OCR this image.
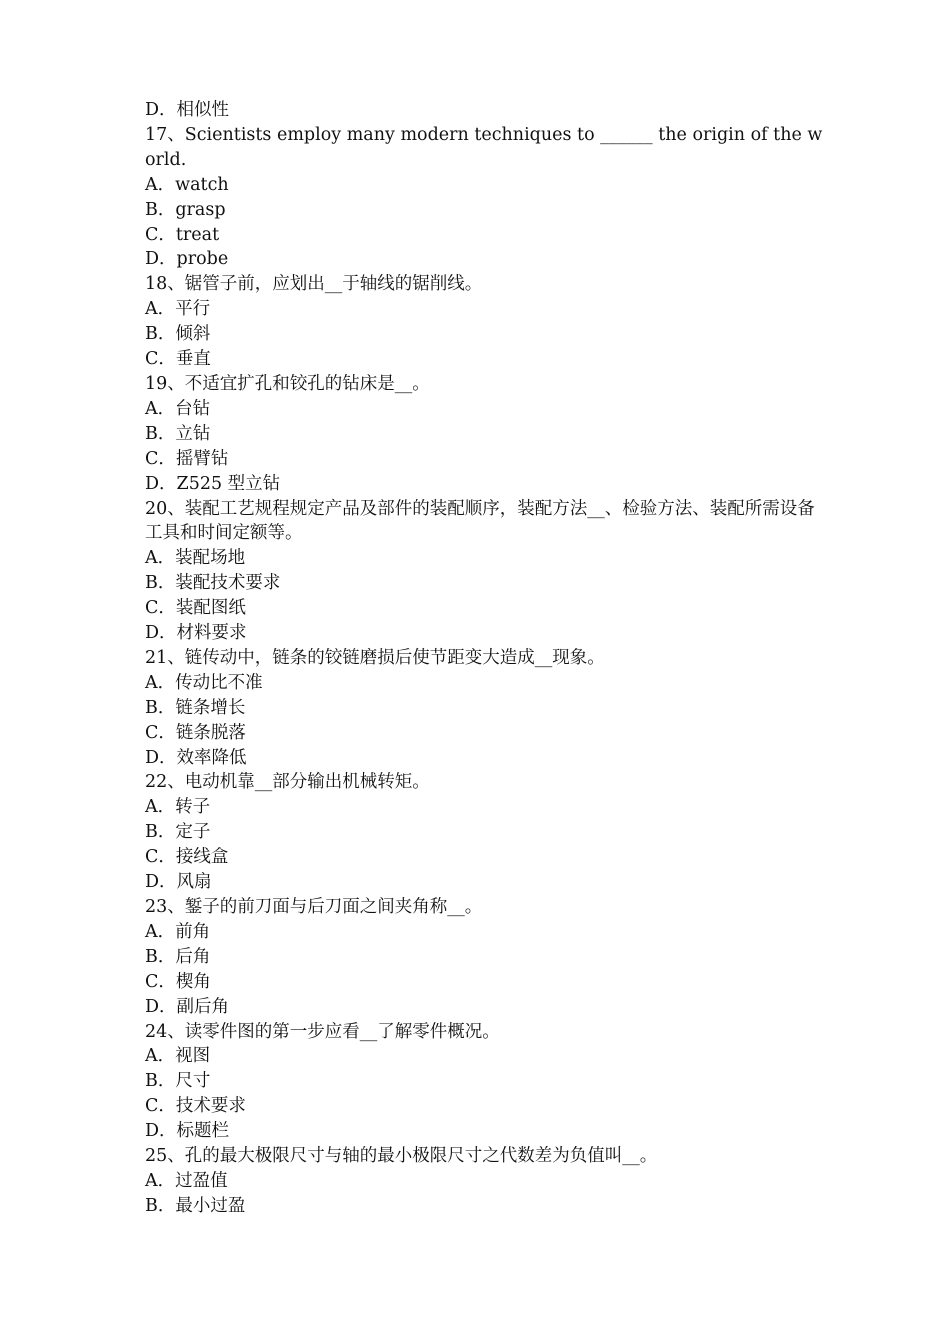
D．相似性

17、Scientists employ many modern techniques to ______ the origin of the world.

A．watch

B．grasp

C．treat

D．probe

18、锯管子前，应划出__于轴线的锯削线。

A．平行

B．倾斜

C．垂直

19、不适宜扩孔和铰孔的钻床是__。

A．台钻

B．立钻

C．摇臂钻

D．Z525 型立钻

20、装配工艺规程规定产品及部件的装配顺序，装配方法__、检验方法、装配所需设备工具和时间定额等。

A．装配场地

B．装配技术要求

C．装配图纸

D．材料要求

21、链传动中，链条的铰链磨损后使节距变大造成__现象。

A．传动比不准

B．链条增长

C．链条脱落

D．效率降低

22、电动机靠__部分输出机械转矩。

A．转子

B．定子

C．接线盒

D．风扇

23、錾子的前刀面与后刀面之间夹角称__。

A．前角

B．后角

C．楔角

D．副后角

24、读零件图的第一步应看__了解零件概况。

A．视图

B．尺寸

C．技术要求

D．标题栏

25、孔的最大极限尺寸与轴的最小极限尺寸之代数差为负值叫__。

A．过盈值

B．最小过盈
